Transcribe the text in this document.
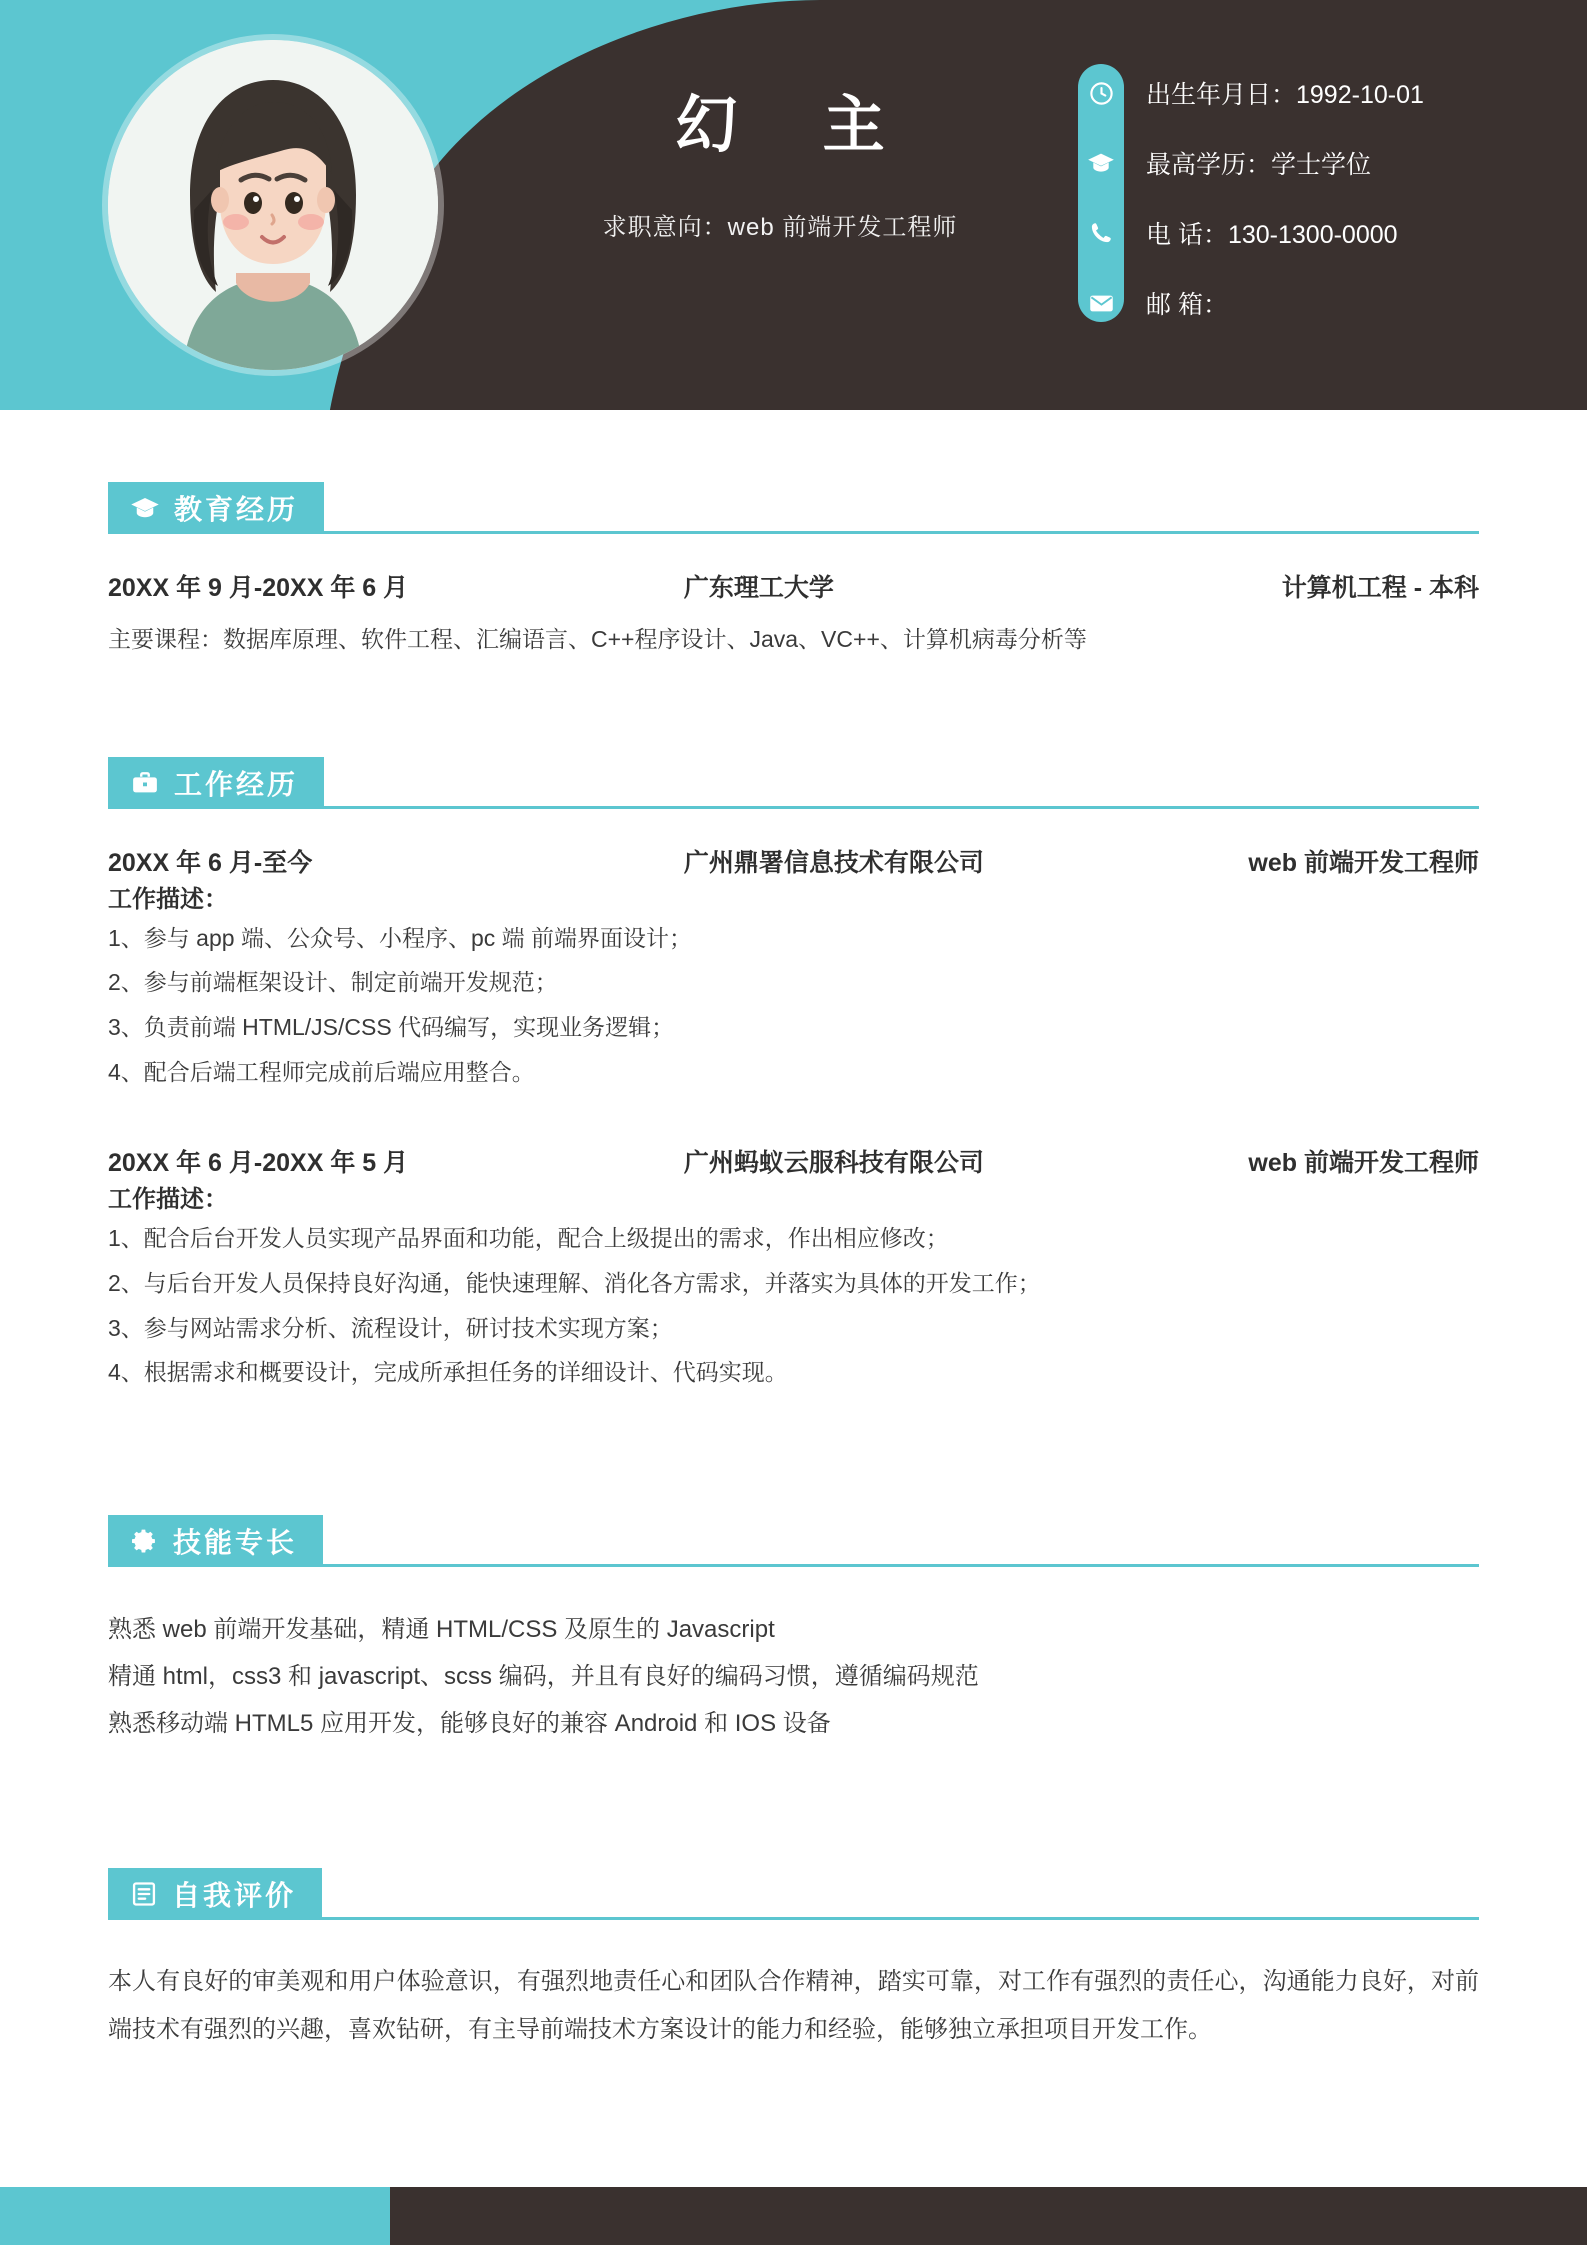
幻 主
求职意向：web 前端开发工程师
出生年月日：1992-10-01
最高学历：学士学位
电 话：130-1300-0000
邮 箱：
教育经历
20XX 年 9 月-20XX 年 6 月	广东理工大学	计算机工程 - 本科
主要课程：数据库原理、软件工程、汇编语言、C++程序设计、Java、VC++、计算机病毒分析等
工作经历
20XX 年 6 月-至今	广州鼎署信息技术有限公司	web 前端开发工程师
工作描述：
1、参与 app 端、公众号、小程序、pc 端 前端界面设计；
2、参与前端框架设计、制定前端开发规范；
3、负责前端 HTML/JS/CSS 代码编写，实现业务逻辑；
4、配合后端工程师完成前后端应用整合。
20XX 年 6 月-20XX 年 5 月	广州蚂蚁云服科技有限公司	web 前端开发工程师
工作描述：
1、配合后台开发人员实现产品界面和功能，配合上级提出的需求，作出相应修改；
2、与后台开发人员保持良好沟通，能快速理解、消化各方需求，并落实为具体的开发工作；
3、参与网站需求分析、流程设计，研讨技术实现方案；
4、根据需求和概要设计，完成所承担任务的详细设计、代码实现。
技能专长
熟悉 web 前端开发基础，精通 HTML/CSS 及原生的 Javascript
精通 html，css3 和 javascript、scss 编码，并且有良好的编码习惯，遵循编码规范
熟悉移动端 HTML5 应用开发，能够良好的兼容 Android 和 IOS 设备
自我评价

本人有良好的审美观和用户体验意识，有强烈地责任心和团队合作精神，踏实可靠，对工作有强烈的责任心，沟通能力良好，对前端技术有强烈的兴趣，喜欢钻研，有主导前端技术方案设计的能力和经验，能够独立承担项目开发工作。
